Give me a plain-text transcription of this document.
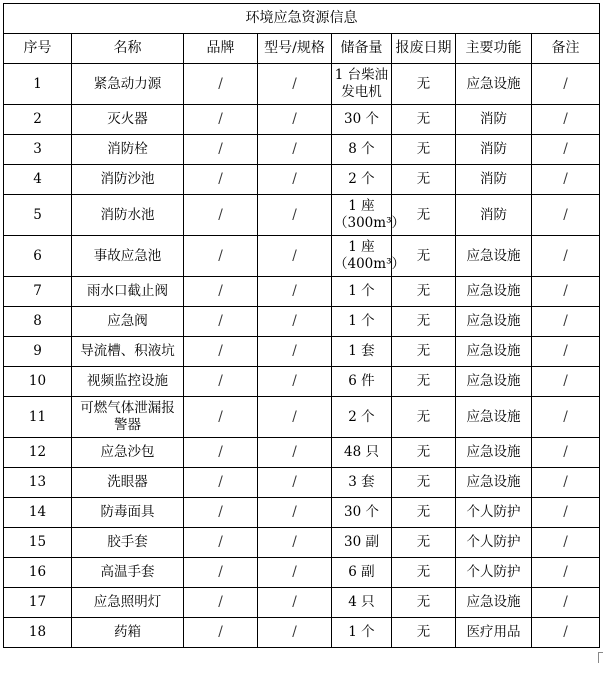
环境应急资源信息							
序号	名称	品牌	型号/规格	储备量	报废日期	主要功能	备注
1	紧急动力源	/	/	1 台柴油发电机	无	应急设施	/
2	灭火器	/	/	30 个	无	消防	/
3	消防栓	/	/	8 个	无	消防	/
4	消防沙池	/	/	2 个	无	消防	/
5	消防水池	/	/	1 座（300m³）	无	消防	/
6	事故应急池	/	/	1 座（400m³）	无	应急设施	/
7	雨水口截止阀	/	/	1 个	无	应急设施	/
8	应急阀	/	/	1 个	无	应急设施	/
9	导流槽、积液坑	/	/	1 套	无	应急设施	/
10	视频监控设施	/	/	6 件	无	应急设施	/
11	可燃气体泄漏报警器	/	/	2 个	无	应急设施	/
12	应急沙包	/	/	48 只	无	应急设施	/
13	洗眼器	/	/	3 套	无	应急设施	/
14	防毒面具	/	/	30 个	无	个人防护	/
15	胶手套	/	/	30 副	无	个人防护	/
16	高温手套	/	/	6 副	无	个人防护	/
17	应急照明灯	/	/	4 只	无	应急设施	/
18	药箱	/	/	1 个	无	医疗用品	/
